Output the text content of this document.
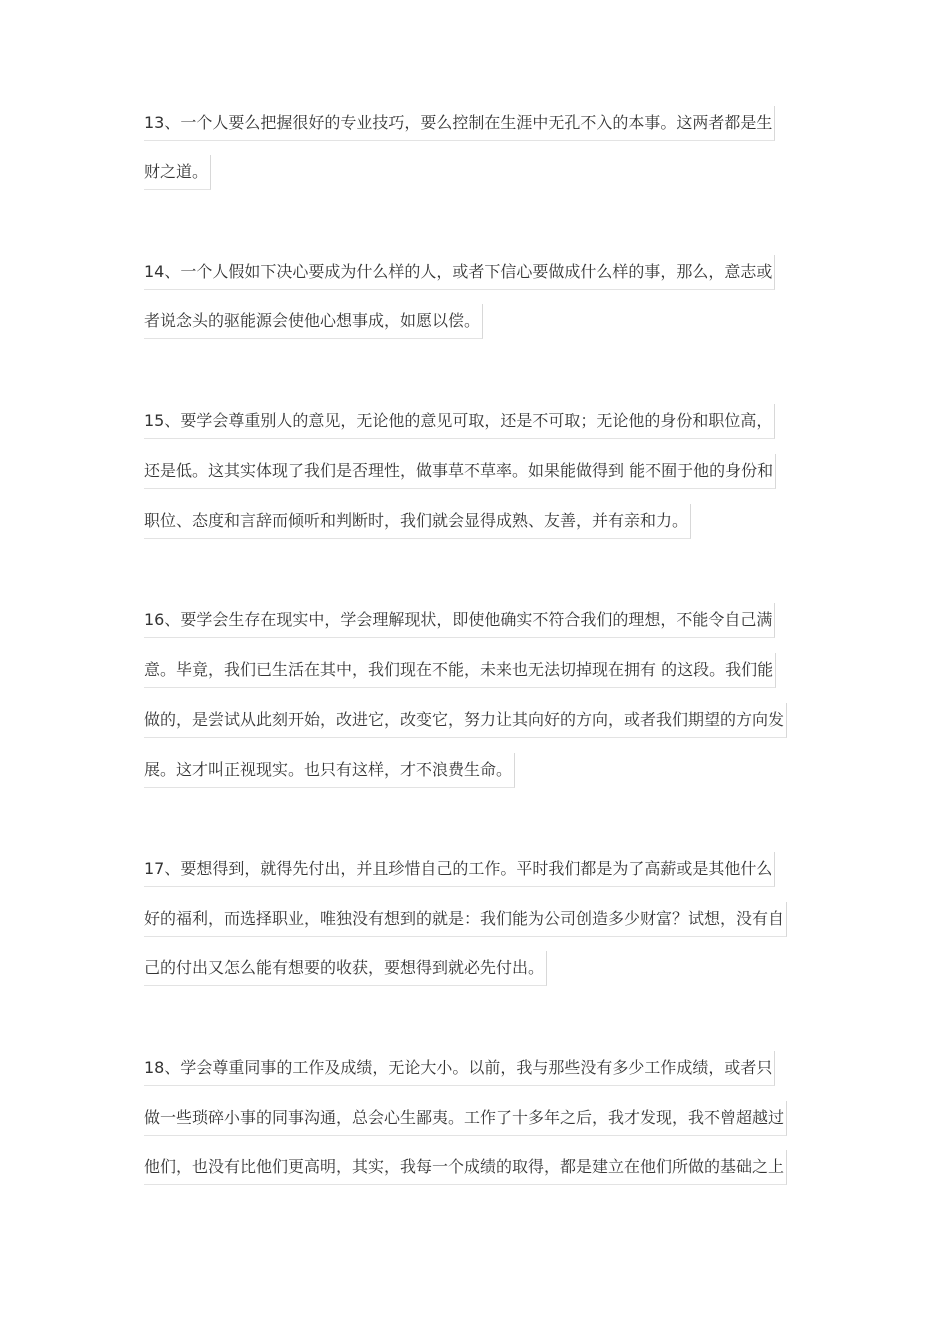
13、一个人要么把握很好的专业技巧，要么控制在生涯中无孔不入的本事。这两者都是生
财之道。
14、一个人假如下决心要成为什么样的人，或者下信心要做成什么样的事，那么，意志或
者说念头的驱能源会使他心想事成，如愿以偿。
15、要学会尊重别人的意见，无论他的意见可取，还是不可取；无论他的身份和职位高，
还是低。这其实体现了我们是否理性，做事草不草率。如果能做得到 能不囿于他的身份和
职位、态度和言辞而倾听和判断时，我们就会显得成熟、友善，并有亲和力。
16、要学会生存在现实中，学会理解现状，即使他确实不符合我们的理想，不能令自己满
意。毕竟，我们已生活在其中，我们现在不能，未来也无法切掉现在拥有 的这段。我们能
做的，是尝试从此刻开始，改进它，改变它，努力让其向好的方向，或者我们期望的方向发
展。这才叫正视现实。也只有这样，才不浪费生命。
17、要想得到，就得先付出，并且珍惜自己的工作。平时我们都是为了高薪或是其他什么
好的福利，而选择职业，唯独没有想到的就是：我们能为公司创造多少财富？试想，没有自
己的付出又怎么能有想要的收获，要想得到就必先付出。
18、学会尊重同事的工作及成绩，无论大小。以前，我与那些没有多少工作成绩，或者只
做一些琐碎小事的同事沟通，总会心生鄙夷。工作了十多年之后，我才发现，我不曾超越过
他们，也没有比他们更高明，其实，我每一个成绩的取得，都是建立在他们所做的基础之上
